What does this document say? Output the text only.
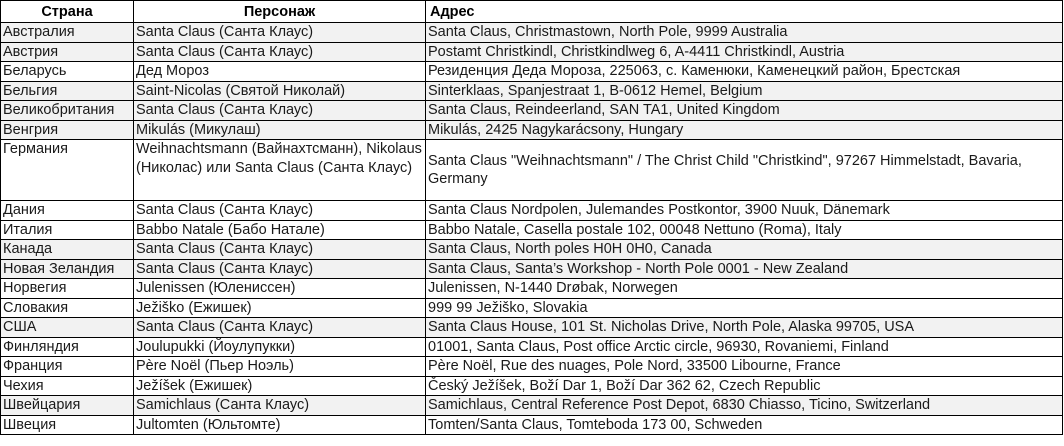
Страна	Персонаж	Адрес
Австралия	Santa Claus (Санта Клаус)	Santa Claus, Christmastown, North Pole, 9999 Australia
Австрия	Santa Claus (Санта Клаус)	Postamt Christkindl, Christkindlweg 6, A-4411 Christkindl, Austria
Беларусь	Дед Мороз	Резиденция Деда Мороза, 225063, с. Каменюки, Каменецкий район, Брестская
Бельгия	Saint-Nicolas (Святой Николай)	Sinterklaas, Spanjestraat 1, B-0612 Hemel, Belgium
Великобритания	Santa Claus (Санта Клаус)	Santa Claus, Reindeerland, SAN TA1, United Kingdom
Венгрия	Mikulás (Микулаш)	Mikulás, 2425 Nagykarácsony, Hungary
Германия	Weihnachtsmann (Вайнахтсманн), Nikolaus (Николас) или Santa Claus (Санта Клаус)	Santa Claus "Weihnachtsmann" / The Christ Child "Christkind", 97267 Himmelstadt, Bavaria, Germany
Дания	Santa Claus (Санта Клаус)	Santa Claus Nordpolen, Julemandes Postkontor, 3900 Nuuk, Dänemark
Италия	Babbo Natale (Бабо Натале)	Babbo Natale, Casella postale 102, 00048 Nettuno (Roma), Italy
Канада	Santa Claus (Санта Клаус)	Santa Claus, North poles H0H 0H0, Canada
Новая Зеландия	Santa Claus (Санта Клаус)	Santa Claus, Santa’s Workshop - North Pole 0001 - New Zealand
Норвегия	Julenissen (Юлениссен)	Julenissen, N-1440 Drøbak, Norwegen
Словакия	Ježiško (Ежишек)	999 99 Ježiško, Slovakia
США	Santa Claus (Санта Клаус)	Santa Claus House, 101 St. Nicholas Drive, North Pole, Alaska 99705, USA
Финляндия	Joulupukki (Йоулупукки)	01001, Santa Claus, Post office Arctic circle, 96930, Rovaniemi, Finland
Франция	Père Noël (Пьер Ноэль)	Père Noël, Rue des nuages, Pole Nord, 33500 Libourne, France
Чехия	Ježíšek (Ежишек)	Český Ježíšek, Boží Dar 1, Boží Dar 362 62, Czech Republic
Швейцария	Samichlaus (Санта Клаус)	Samichlaus, Central Reference Post Depot, 6830 Chiasso, Ticino, Switzerland
Швеция	Jultomten (Юльтомте)	Tomten/Santa Claus, Tomteboda 173 00, Schweden
